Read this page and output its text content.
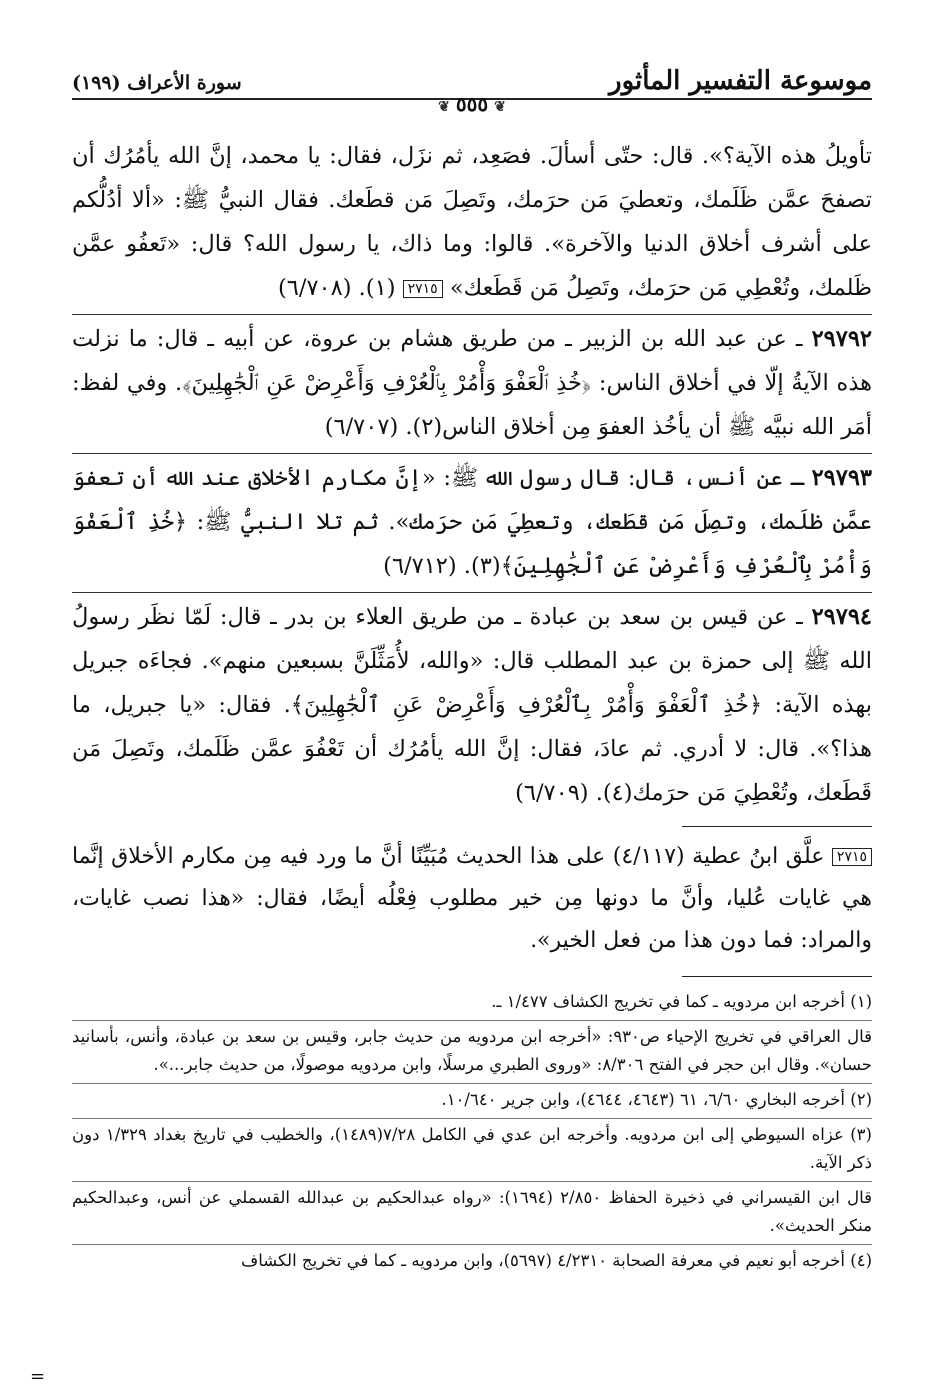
موسوعة التفسير المأثور
سورة الأعراف (١٩٩)
❦٥٥٥❦

تأويلُ هذه الآية؟». قال: حتّى أسألَ. فصَعِد، ثم نزَل، فقال: يا محمد، إنَّ الله يأمُرُك أن تصفحَ عمَّن ظَلَمك، وتعطيَ مَن حرَمك، وتَصِلَ مَن قطَعك. فقال النبيُّ ﷺ: «ألا أدُلُّكم على أشرف أخلاق الدنيا والآخرة». قالوا: وما ذاك، يا رسول الله؟ قال: «تَعفُو عمَّن ظَلمك، وتُعْطِي مَن حرَمك، وتَصِلُ مَن قَطَعك» ٢٧١٥ (١). (٦/٧٠٨)

٢٩٧٩٢ ـ عن عبد الله بن الزبير ـ من طريق هشام بن عروة، عن أبيه ـ قال: ما نزلت هذه الآيةُ إلّا في أخلاق الناس: ﴿خُذِ ٱلْعَفْوَ وَأْمُرْ بِٱلْعُرْفِ وَأَعْرِضْ عَنِ ٱلْجَٰهِلِينَ﴾. وفي لفظ: أمَر الله نبيَّه ﷺ أن يأخُذ العفوَ مِن أخلاق الناس(٢). (٦/٧٠٧)

٢٩٧٩٣ ـ عن أنس، قال: قال رسول الله ﷺ: «إنَّ مكارم الأخلاق عند الله أن تعفوَ عمَّن ظلَمك، وتصِلَ مَن قطَعك، وتعطِيَ مَن حرَمك». ثم تلا النبيُّ ﷺ: ﴿خُذِ ٱلْعَفْوَ وَأْمُرْ بِٱلْعُرْفِ وَأَعْرِضْ عَنِ ٱلْجَٰهِلِينَ﴾(٣). (٦/٧١٢)

٢٩٧٩٤ ـ عن قيس بن سعد بن عبادة ـ من طريق العلاء بن بدر ـ قال: لَمّا نظَر رسولُ الله ﷺ إلى حمزة بن عبد المطلب قال: «والله، لأُمَثِّلَنَّ بسبعين منهم». فجاءَه جبريل بهذه الآية: ﴿خُذِ ٱلْعَفْوَ وَأْمُرْ بِٱلْعُرْفِ وَأَعْرِضْ عَنِ ٱلْجَٰهِلِينَ﴾. فقال: «يا جبريل، ما هذا؟». قال: لا أدري. ثم عادَ، فقال: إنَّ الله يأمُرُك أن تَعْفُوَ عمَّن ظَلَمك، وتَصِلَ مَن قَطَعك، وتُعْطِيَ مَن حرَمك(٤). (٦/٧٠٩)

٢٧١٥ علَّق ابنُ عطية (٤/١١٧) على هذا الحديث مُبَيِّنًا أنَّ ما ورد فيه مِن مكارم الأخلاق إنَّما هي غايات عُليا، وأنَّ ما دونها مِن خير مطلوب فِعْلُه أيضًا، فقال: «هذا نصب غايات، والمراد: فما دون هذا من فعل الخير».

(١) أخرجه ابن مردويه ـ كما في تخريج الكشاف ١/٤٧٧ ـ.

قال العراقي في تخريج الإحياء ص٩٣٠: «أخرجه ابن مردويه من حديث جابر، وقيس بن سعد بن عبادة، وأنس، بأسانيد حسان». وقال ابن حجر في الفتح ٨/٣٠٦: «وروى الطبري مرسلًا، وابن مردويه موصولًا، من حديث جابر...».

(٢) أخرجه البخاري ٦/٦٠، ٦١ (٤٦٤٣، ٤٦٤٤)، وابن جرير ١٠/٦٤٠.

(٣) عزاه السيوطي إلى ابن مردويه. وأخرجه ابن عدي في الكامل ٧/٢٨(١٤٨٩)، والخطيب في تاريخ بغداد ١/٣٢٩ دون ذكر الآية.

قال ابن القيسراني في ذخيرة الحفاظ ٢/٨٥٠ (١٦٩٤): «رواه عبدالحكيم بن عبدالله القسملي عن أنس، وعبدالحكيم منكر الحديث».

(٤) أخرجه أبو نعيم في معرفة الصحابة ٤/٢٣١٠ (٥٦٩٧)، وابن مردويه ـ كما في تخريج الكشاف

=
